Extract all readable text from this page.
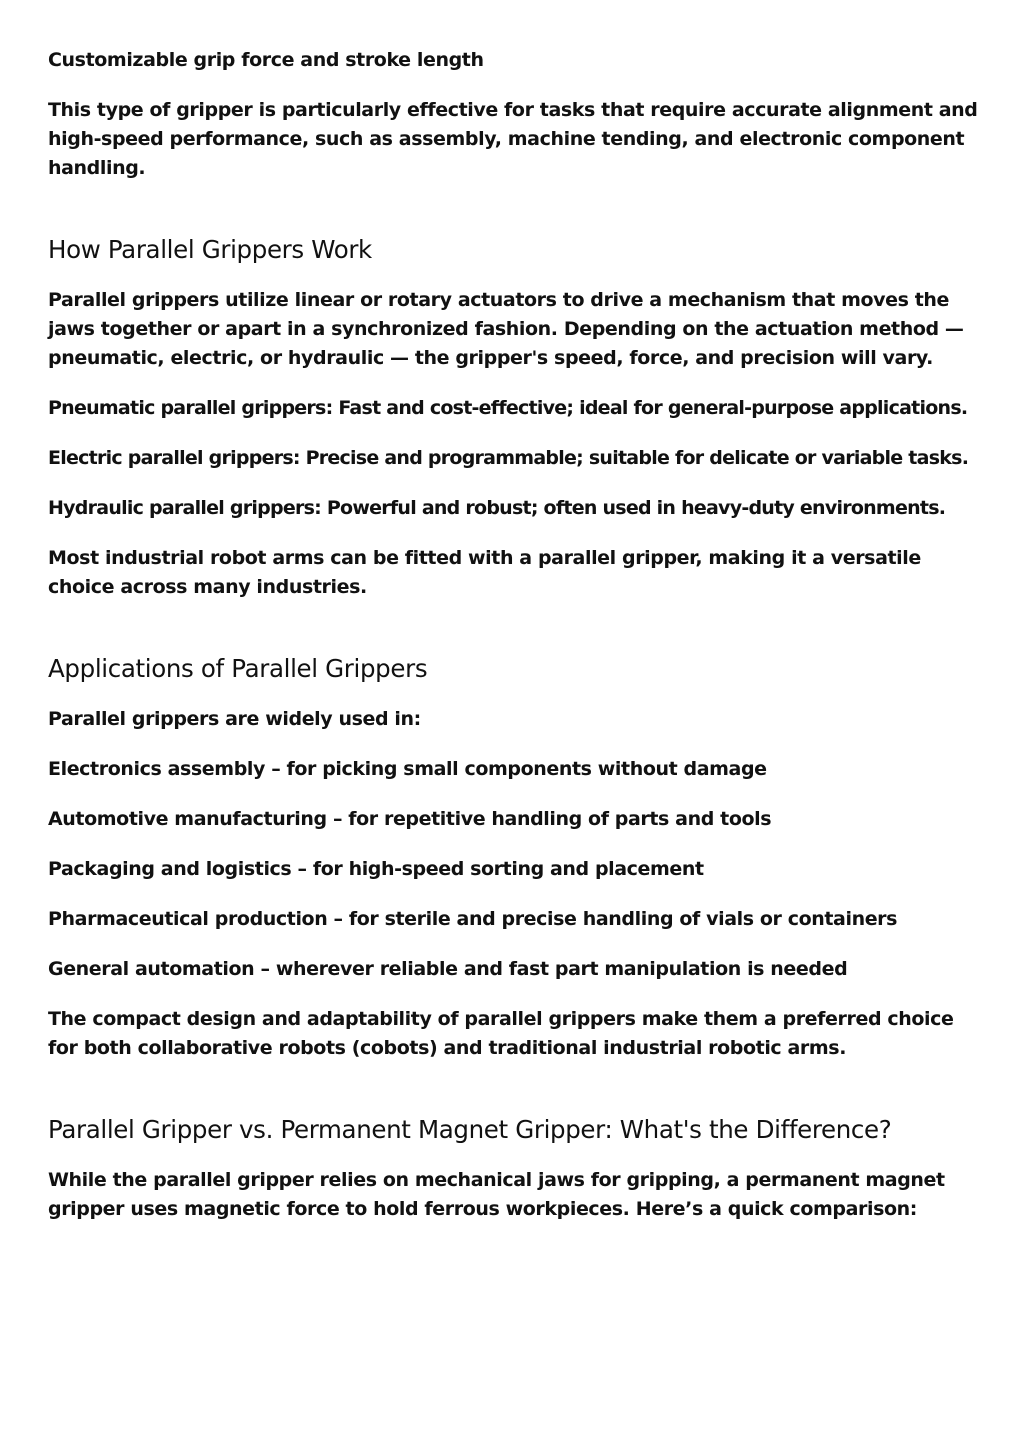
Customizable grip force and stroke length

This type of gripper is particularly effective for tasks that require accurate alignment and high-speed performance, such as assembly, machine tending, and electronic component handling.

How Parallel Grippers Work

Parallel grippers utilize linear or rotary actuators to drive a mechanism that moves the jaws together or apart in a synchronized fashion. Depending on the actuation method — pneumatic, electric, or hydraulic — the gripper's speed, force, and precision will vary.

Pneumatic parallel grippers: Fast and cost-effective; ideal for general-purpose applications.

Electric parallel grippers: Precise and programmable; suitable for delicate or variable tasks.

Hydraulic parallel grippers: Powerful and robust; often used in heavy-duty environments.

Most industrial robot arms can be fitted with a parallel gripper, making it a versatile choice across many industries.

Applications of Parallel Grippers

Parallel grippers are widely used in:

Electronics assembly – for picking small components without damage

Automotive manufacturing – for repetitive handling of parts and tools

Packaging and logistics – for high-speed sorting and placement

Pharmaceutical production – for sterile and precise handling of vials or containers

General automation – wherever reliable and fast part manipulation is needed

The compact design and adaptability of parallel grippers make them a preferred choice for both collaborative robots (cobots) and traditional industrial robotic arms.

Parallel Gripper vs. Permanent Magnet Gripper: What's the Difference?

While the parallel gripper relies on mechanical jaws for gripping, a permanent magnet gripper uses magnetic force to hold ferrous workpieces. Here’s a quick comparison:
